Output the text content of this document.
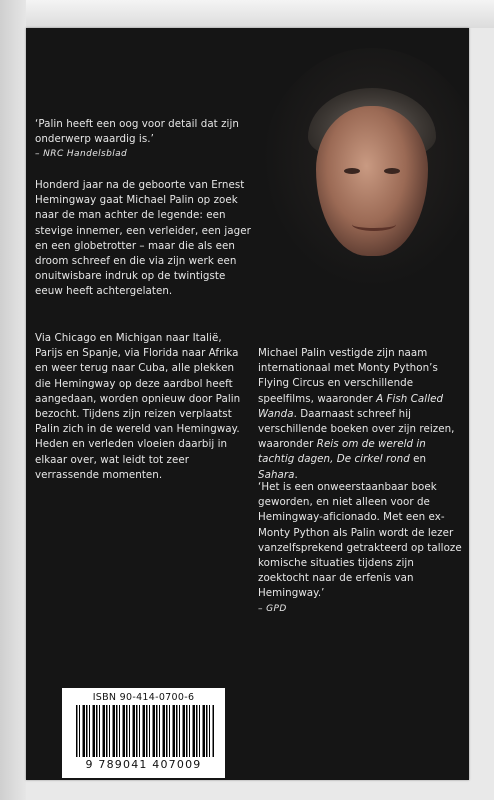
‘Palin heeft een oog voor detail dat zijn onderwerp waardig is.’

– NRC Handelsblad

Honderd jaar na de geboorte van Ernest Hemingway gaat Michael Palin op zoek naar de man achter de legende: een stevige innemer, een verleider, een jager en een globetrotter – maar die als een droom schreef en die via zijn werk een onuitwisbare indruk op de twintigste eeuw heeft achtergelaten.

Via Chicago en Michigan naar Italië, Parijs en Spanje, via Florida naar Afrika en weer terug naar Cuba, alle plekken die Hemingway op deze aardbol heeft aangedaan, worden opnieuw door Palin bezocht. Tijdens zijn reizen verplaatst Palin zich in de wereld van Hemingway. Heden en verleden vloeien daarbij in elkaar over, wat leidt tot zeer verrassende momenten.

Michael Palin vestigde zijn naam internationaal met Monty Python’s Flying Circus en verschillende speelfilms, waaronder A Fish Called Wanda. Daarnaast schreef hij verschillende boeken over zijn reizen, waaronder Reis om de wereld in tachtig dagen, De cirkel rond en Sahara.

‘Het is een onweerstaanbaar boek geworden, en niet alleen voor de Hemingway-aficionado. Met een ex-Monty Python als Palin wordt de lezer vanzelfsprekend getrakteerd op talloze komische situaties tijdens zijn zoektocht naar de erfenis van Hemingway.’

– GPD

ISBN 90-414-0700-6
9 789041 407009
